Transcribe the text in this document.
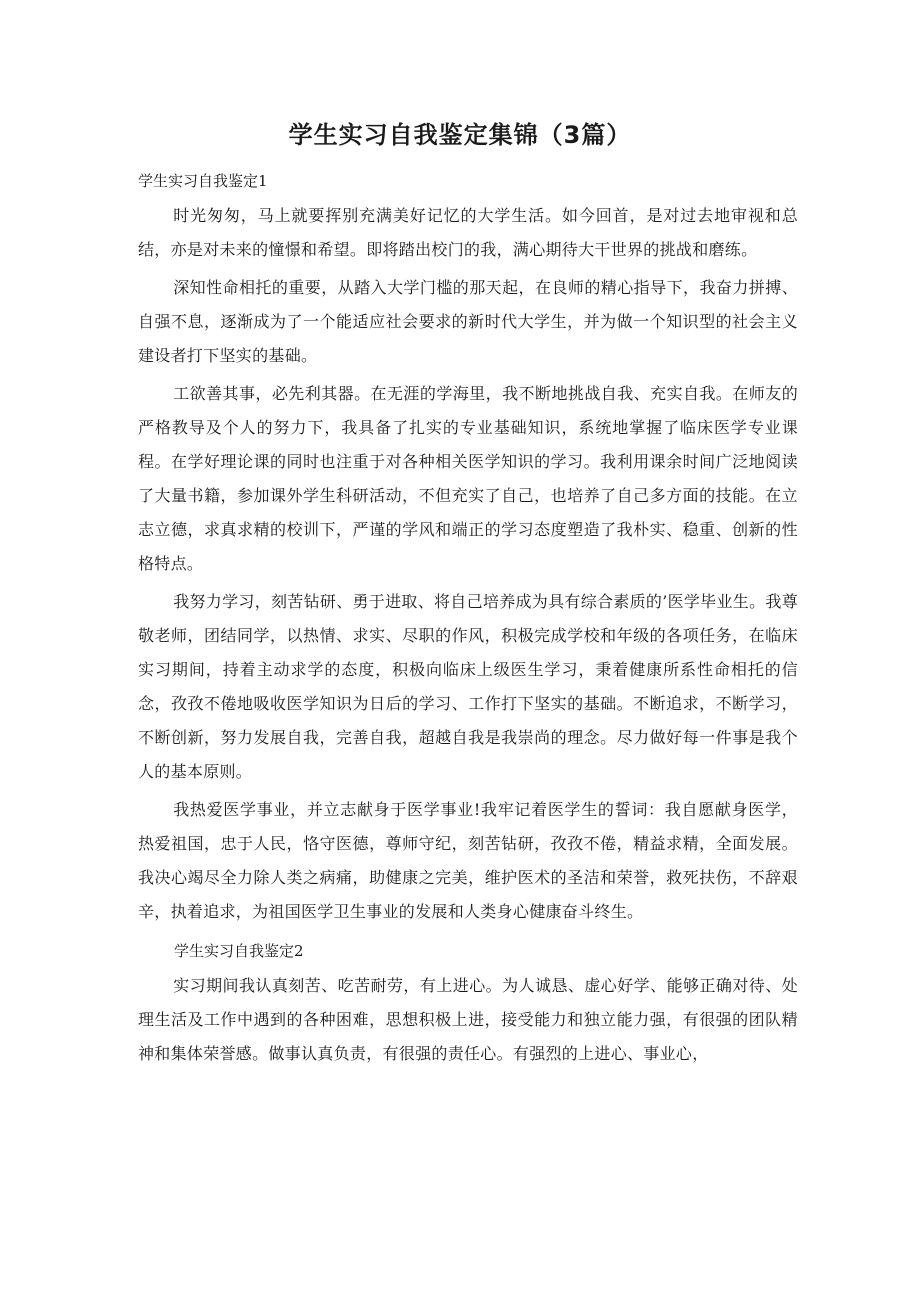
学生实习自我鉴定集锦（3篇）

学生实习自我鉴定1

时光匆匆，马上就要挥别充满美好记忆的大学生活。如今回首，是对过去地审视和总结，亦是对未来的憧憬和希望。即将踏出校门的我，满心期待大干世界的挑战和磨练。

深知性命相托的重要，从踏入大学门槛的那天起，在良师的精心指导下，我奋力拼搏、自强不息，逐渐成为了一个能适应社会要求的新时代大学生，并为做一个知识型的社会主义建设者打下坚实的基础。

工欲善其事，必先利其器。在无涯的学海里，我不断地挑战自我、充实自我。在师友的严格教导及个人的努力下，我具备了扎实的专业基础知识，系统地掌握了临床医学专业课程。在学好理论课的同时也注重于对各种相关医学知识的学习。我利用课余时间广泛地阅读了大量书籍，参加课外学生科研活动，不但充实了自己，也培养了自己多方面的技能。在立志立德，求真求精的校训下，严谨的学风和端正的学习态度塑造了我朴实、稳重、创新的性格特点。

我努力学习，刻苦钻研、勇于进取、将自己培养成为具有综合素质的’医学毕业生。我尊敬老师，团结同学，以热情、求实、尽职的作风，积极完成学校和年级的各项任务，在临床实习期间，持着主动求学的态度，积极向临床上级医生学习，秉着健康所系性命相托的信念，孜孜不倦地吸收医学知识为日后的学习、工作打下坚实的基础。不断追求，不断学习，不断创新，努力发展自我，完善自我，超越自我是我崇尚的理念。尽力做好每一件事是我个人的基本原则。

我热爱医学事业，并立志献身于医学事业!我牢记着医学生的誓词：我自愿献身医学，热爱祖国，忠于人民，恪守医德，尊师守纪，刻苦钻研，孜孜不倦，精益求精，全面发展。我决心竭尽全力除人类之病痛，助健康之完美，维护医术的圣洁和荣誉，救死扶伤，不辞艰辛，执着追求，为祖国医学卫生事业的发展和人类身心健康奋斗终生。

学生实习自我鉴定2

实习期间我认真刻苦、吃苦耐劳，有上进心。为人诚恳、虚心好学、能够正确对待、处理生活及工作中遇到的各种困难，思想积极上进，接受能力和独立能力强，有很强的团队精神和集体荣誉感。做事认真负责，有很强的责任心。有强烈的上进心、事业心，
